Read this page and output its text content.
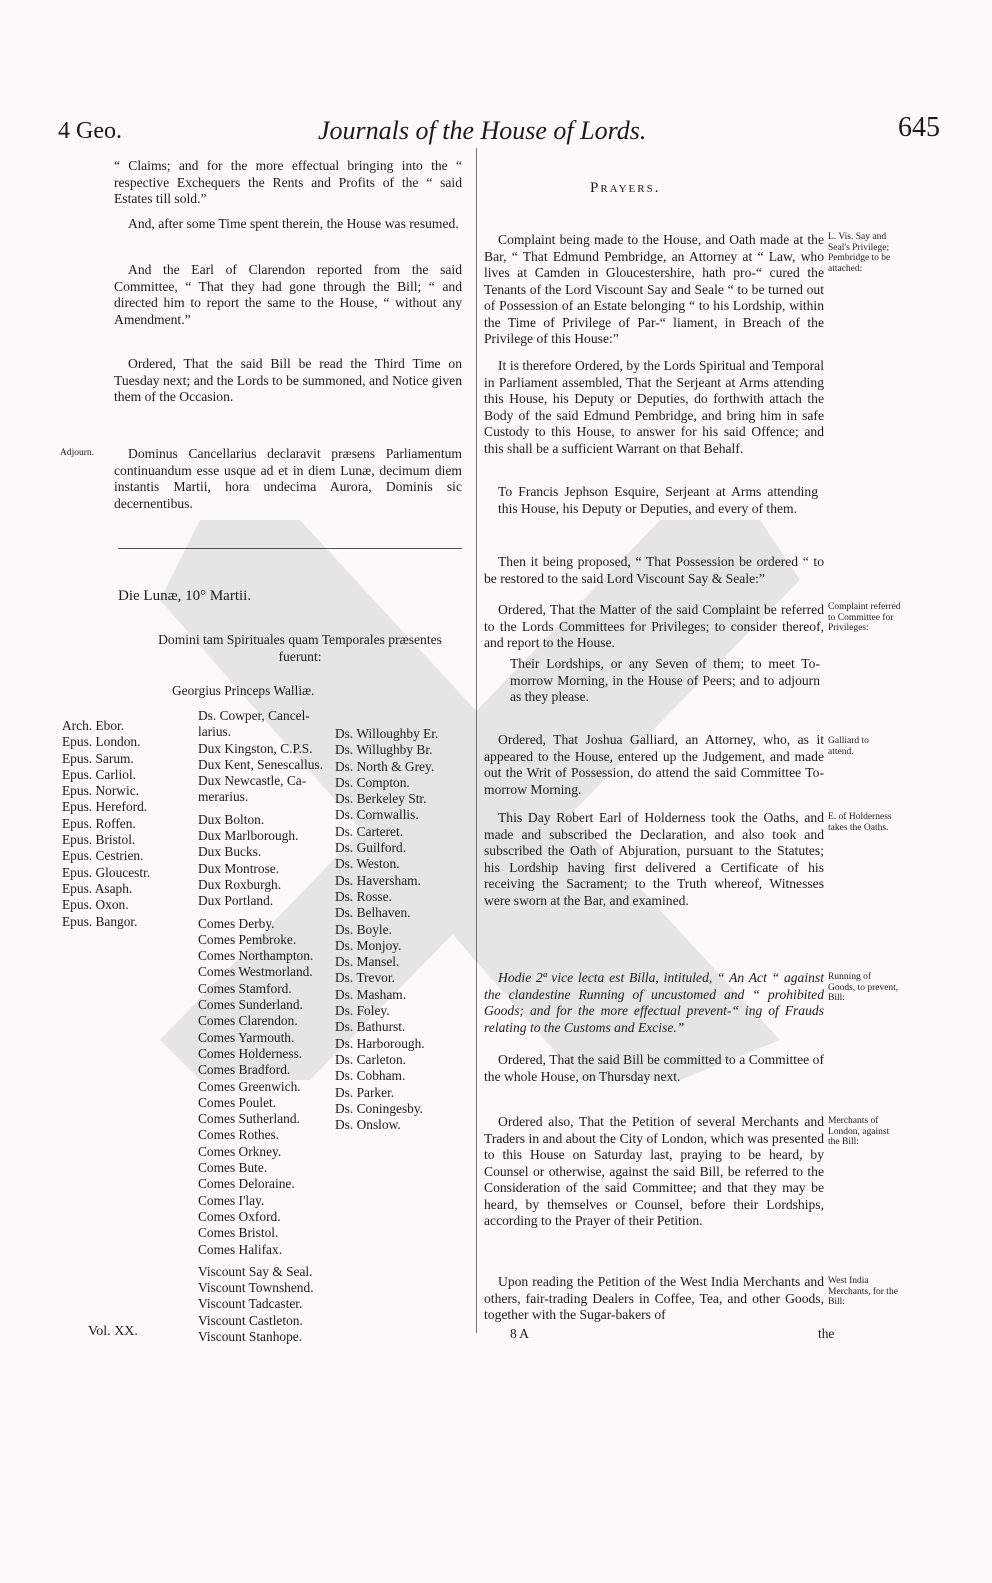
4 Geo.	Journals of the House of Lords.	645

“ Claims; and for the more effectual bringing into the “ respective Exchequers the Rents and Profits of the “ said Estates till sold.”

And, after some Time spent therein, the House was resumed.

And the Earl of Clarendon reported from the said Committee, “ That they had gone through the Bill; “ and directed him to report the same to the House, “ without any Amendment.”

Ordered, That the said Bill be read the Third Time on Tuesday next; and the Lords to be summoned, and Notice given them of the Occasion.

Adjourn.	Dominus Cancellarius declaravit præsens Parliamentum continuandum esse usque ad et in diem Lunæ, decimum diem instantis Martii, hora undecima Aurora, Dominis sic decernentibus.

Die Lunæ, 10° Martii.

Domini tam Spirituales quam Temporales præsentes fuerunt:

Georgius Princeps Walliæ.
Arch. Ebor.
Epus. London.
Epus. Sarum.
Epus. Carliol.
Epus. Norwic.
Epus. Hereford.
Epus. Roffen.
Epus. Bristol.
Epus. Cestrien.
Epus. Gloucestr.
Epus. Asaph.
Epus. Oxon.
Epus. Bangor.
Ds. Cowper, Cancel-
larius.
Dux Kingston, C.P.S.
Dux Kent, Senescallus.
Dux Newcastle, Ca-
merarius.
Dux Bolton.
Dux Marlborough.
Dux Bucks.
Dux Montrose.
Dux Roxburgh.
Dux Portland.
Comes Derby.
Comes Pembroke.
Comes Northampton.
Comes Westmorland.
Comes Stamford.
Comes Sunderland.
Comes Clarendon.
Comes Yarmouth.
Comes Holderness.
Comes Bradford.
Comes Greenwich.
Comes Poulet.
Comes Sutherland.
Comes Rothes.
Comes Orkney.
Comes Bute.
Comes Deloraine.
Comes I'lay.
Comes Oxford.
Comes Bristol.
Comes Halifax.
Viscount Say & Seal.
Viscount Townshend.
Viscount Tadcaster.
Viscount Castleton.
Viscount Stanhope.
Ds. Willoughby Er.
Ds. Willughby Br.
Ds. North & Grey.
Ds. Compton.
Ds. Berkeley Str.
Ds. Cornwallis.
Ds. Carteret.
Ds. Guilford.
Ds. Weston.
Ds. Haversham.
Ds. Rosse.
Ds. Belhaven.
Ds. Boyle.
Ds. Monjoy.
Ds. Mansel.
Ds. Trevor.
Ds. Masham.
Ds. Foley.
Ds. Bathurst.
Ds. Harborough.
Ds. Carleton.
Ds. Cobham.
Ds. Parker.
Ds. Coningesby.
Ds. Onslow.
Vol. XX.
Prayers.

Complaint being made to the House, and Oath made at the Bar, “ That Edmund Pembridge, an Attorney at “ Law, who lives at Camden in Gloucestershire, hath pro-“ cured the Tenants of the Lord Viscount Say and Seale “ to be turned out of Possession of an Estate belonging “ to his Lordship, within the Time of Privilege of Par-“ liament, in Breach of the Privilege of this House:”

It is therefore Ordered, by the Lords Spiritual and Temporal in Parliament assembled, That the Serjeant at Arms attending this House, his Deputy or Deputies, do forthwith attach the Body of the said Edmund Pembridge, and bring him in safe Custody to this House, to answer for his said Offence; and this shall be a sufficient Warrant on that Behalf.

To Francis Jephson Esquire, Serjeant at Arms attending this House, his Deputy or Deputies, and every of them.

Then it being proposed, “ That Possession be ordered “ to be restored to the said Lord Viscount Say & Seale:”

Ordered, That the Matter of the said Complaint be referred to the Lords Committees for Privileges; to consider thereof, and report to the House.

Their Lordships, or any Seven of them; to meet To-morrow Morning, in the House of Peers; and to adjourn as they please.

Ordered, That Joshua Galliard, an Attorney, who, as it appeared to the House, entered up the Judgement, and made out the Writ of Possession, do attend the said Committee To-morrow Morning.

This Day Robert Earl of Holderness took the Oaths, and made and subscribed the Declaration, and also took and subscribed the Oath of Abjuration, pursuant to the Statutes; his Lordship having first delivered a Certificate of his receiving the Sacrament; to the Truth whereof, Witnesses were sworn at the Bar, and examined.

Hodie 2ª vice lecta est Billa, intituled, “ An Act “ against the clandestine Running of uncustomed and “ prohibited Goods; and for the more effectual prevent-“ ing of Frauds relating to the Customs and Excise.”

Ordered, That the said Bill be committed to a Committee of the whole House, on Thursday next.

Ordered also, That the Petition of several Merchants and Traders in and about the City of London, which was presented to this House on Saturday last, praying to be heard, by Counsel or otherwise, against the said Bill, be referred to the Consideration of the said Committee; and that they may be heard, by themselves or Counsel, before their Lordships, according to the Prayer of their Petition.

Upon reading the Petition of the West India Merchants and others, fair-trading Dealers in Coffee, Tea, and other Goods, together with the Sugar-bakers of

8 A	the
L. Vis. Say and Seal's Privilege; Pembridge to be attached:
Complaint referred to Committee for Privileges:
Galliard to attend.
E. of Holderness takes the Oaths.
Running of Goods, to prevent, Bill:
Merchants of London, against the Bill:
West India Merchants, for the Bill:
